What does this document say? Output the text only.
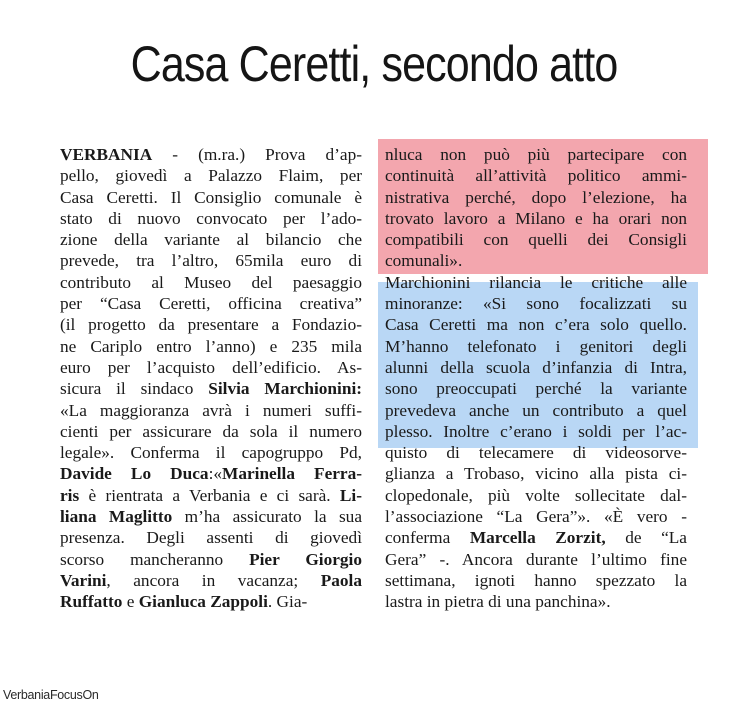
Casa Ceretti, secondo atto

VERBANIA - (m.ra.) Prova d’ap-

pello, giovedì a Palazzo Flaim, per

Casa Ceretti. Il Consiglio comunale è

stato di nuovo convocato per l’ado-

zione della variante al bilancio che

prevede, tra l’altro, 65mila euro di

contributo al Museo del paesaggio

per “Casa Ceretti, officina creativa”

(il progetto da presentare a Fondazio-

ne Cariplo entro l’anno) e 235 mila

euro per l’acquisto dell’edificio. As-

sicura il sindaco Silvia Marchionini:

«La maggioranza avrà i numeri suffi-

cienti per assicurare da sola il numero

legale». Conferma il capogruppo Pd,

Davide Lo Duca:«Marinella Ferra-

ris è rientrata a Verbania e ci sarà. Li-

liana Maglitto m’ha assicurato la sua

presenza. Degli assenti di giovedì

scorso mancheranno Pier Giorgio

Varini, ancora in vacanza; Paola

Ruffatto e Gianluca Zappoli. Gia-

nluca non può più partecipare con

continuità all’attività politico ammi-

nistrativa perché, dopo l’elezione, ha

trovato lavoro a Milano e ha orari non

compatibili con quelli dei Consigli

comunali».

Marchionini rilancia le critiche alle

minoranze: «Si sono focalizzati su

Casa Ceretti ma non c’era solo quello.

M’hanno telefonato i genitori degli

alunni della scuola d’infanzia di Intra,

sono preoccupati perché la variante

prevedeva anche un contributo a quel

plesso. Inoltre c’erano i soldi per l’ac-

quisto di telecamere di videosorve-

glianza a Trobaso, vicino alla pista ci-

clopedonale, più volte sollecitate dal-

l’associazione “La Gera”». «È vero -

conferma Marcella Zorzit, de “La

Gera” -. Ancora durante l’ultimo fine

settimana, ignoti hanno spezzato la

lastra in pietra di una panchina».

VerbaniaFocusOn
